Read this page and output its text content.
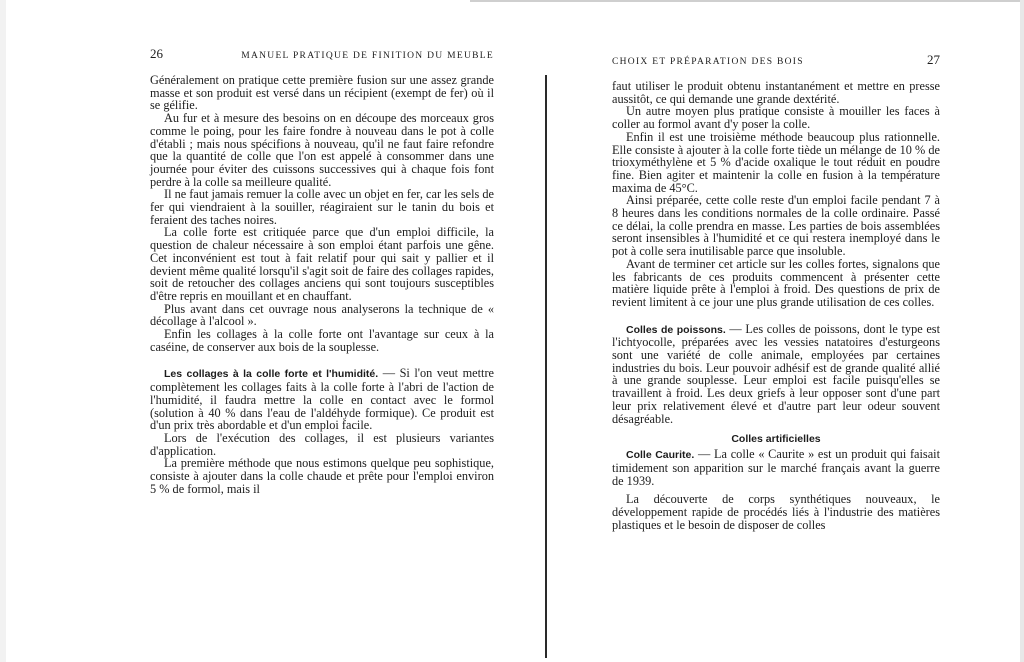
26	MANUEL PRATIQUE DE FINITION DU MEUBLE

Généralement on pratique cette première fusion sur une assez grande masse et son produit est versé dans un récipient (exempt de fer) où il se gélifie.

Au fur et à mesure des besoins on en découpe des morceaux gros comme le poing, pour les faire fondre à nouveau dans le pot à colle d'établi ; mais nous spécifions à nouveau, qu'il ne faut faire refondre que la quantité de colle que l'on est appelé à consommer dans une journée pour éviter des cuissons successives qui à chaque fois font perdre à la colle sa meilleure qualité.

Il ne faut jamais remuer la colle avec un objet en fer, car les sels de fer qui viendraient à la souiller, réagiraient sur le tanin du bois et feraient des taches noires.

La colle forte est critiquée parce que d'un emploi difficile, la question de chaleur nécessaire à son emploi étant parfois une gêne. Cet inconvénient est tout à fait relatif pour qui sait y pallier et il devient même qualité lorsqu'il s'agit soit de faire des collages rapides, soit de retoucher des collages anciens qui sont toujours susceptibles d'être repris en mouillant et en chauffant.

Plus avant dans cet ouvrage nous analyserons la technique de « décollage à l'alcool ».

Enfin les collages à la colle forte ont l'avantage sur ceux à la caséine, de conserver aux bois de la souplesse.

Les collages à la colle forte et l'humidité. — Si l'on veut mettre complètement les collages faits à la colle forte à l'abri de l'action de l'humidité, il faudra mettre la colle en contact avec le formol (solution à 40 % dans l'eau de l'aldéhyde formique). Ce produit est d'un prix très abordable et d'un emploi facile.

Lors de l'exécution des collages, il est plusieurs variantes d'application.

La première méthode que nous estimons quelque peu sophistique, consiste à ajouter dans la colle chaude et prête pour l'emploi environ 5 % de formol, mais il

CHOIX ET PRÉPARATION DES BOIS	27

faut utiliser le produit obtenu instantanément et mettre en presse aussitôt, ce qui demande une grande dextérité.

Un autre moyen plus pratique consiste à mouiller les faces à coller au formol avant d'y poser la colle.

Enfin il est une troisième méthode beaucoup plus rationnelle. Elle consiste à ajouter à la colle forte tiède un mélange de 10 % de trioxyméthylène et 5 % d'acide oxalique le tout réduit en poudre fine. Bien agiter et maintenir la colle en fusion à la température maxima de 45°C.

Ainsi préparée, cette colle reste d'un emploi facile pendant 7 à 8 heures dans les conditions normales de la colle ordinaire. Passé ce délai, la colle prendra en masse. Les parties de bois assemblées seront insensibles à l'humidité et ce qui restera inemployé dans le pot à colle sera inutilisable parce que insoluble.

Avant de terminer cet article sur les colles fortes, signalons que les fabricants de ces produits commencent à présenter cette matière liquide prête à l'emploi à froid. Des questions de prix de revient limitent à ce jour une plus grande utilisation de ces colles.

Colles de poissons. — Les colles de poissons, dont le type est l'ichtyocolle, préparées avec les vessies natatoires d'esturgeons sont une variété de colle animale, employées par certaines industries du bois. Leur pouvoir adhésif est de grande qualité allié à une grande souplesse. Leur emploi est facile puisqu'elles se travaillent à froid. Les deux griefs à leur opposer sont d'une part leur prix relativement élevé et d'autre part leur odeur souvent désagréable.

Colles artificielles

Colle Caurite. — La colle « Caurite » est un produit qui faisait timidement son apparition sur le marché français avant la guerre de 1939.

La découverte de corps synthétiques nouveaux, le développement rapide de procédés liés à l'industrie des matières plastiques et le besoin de disposer de colles
